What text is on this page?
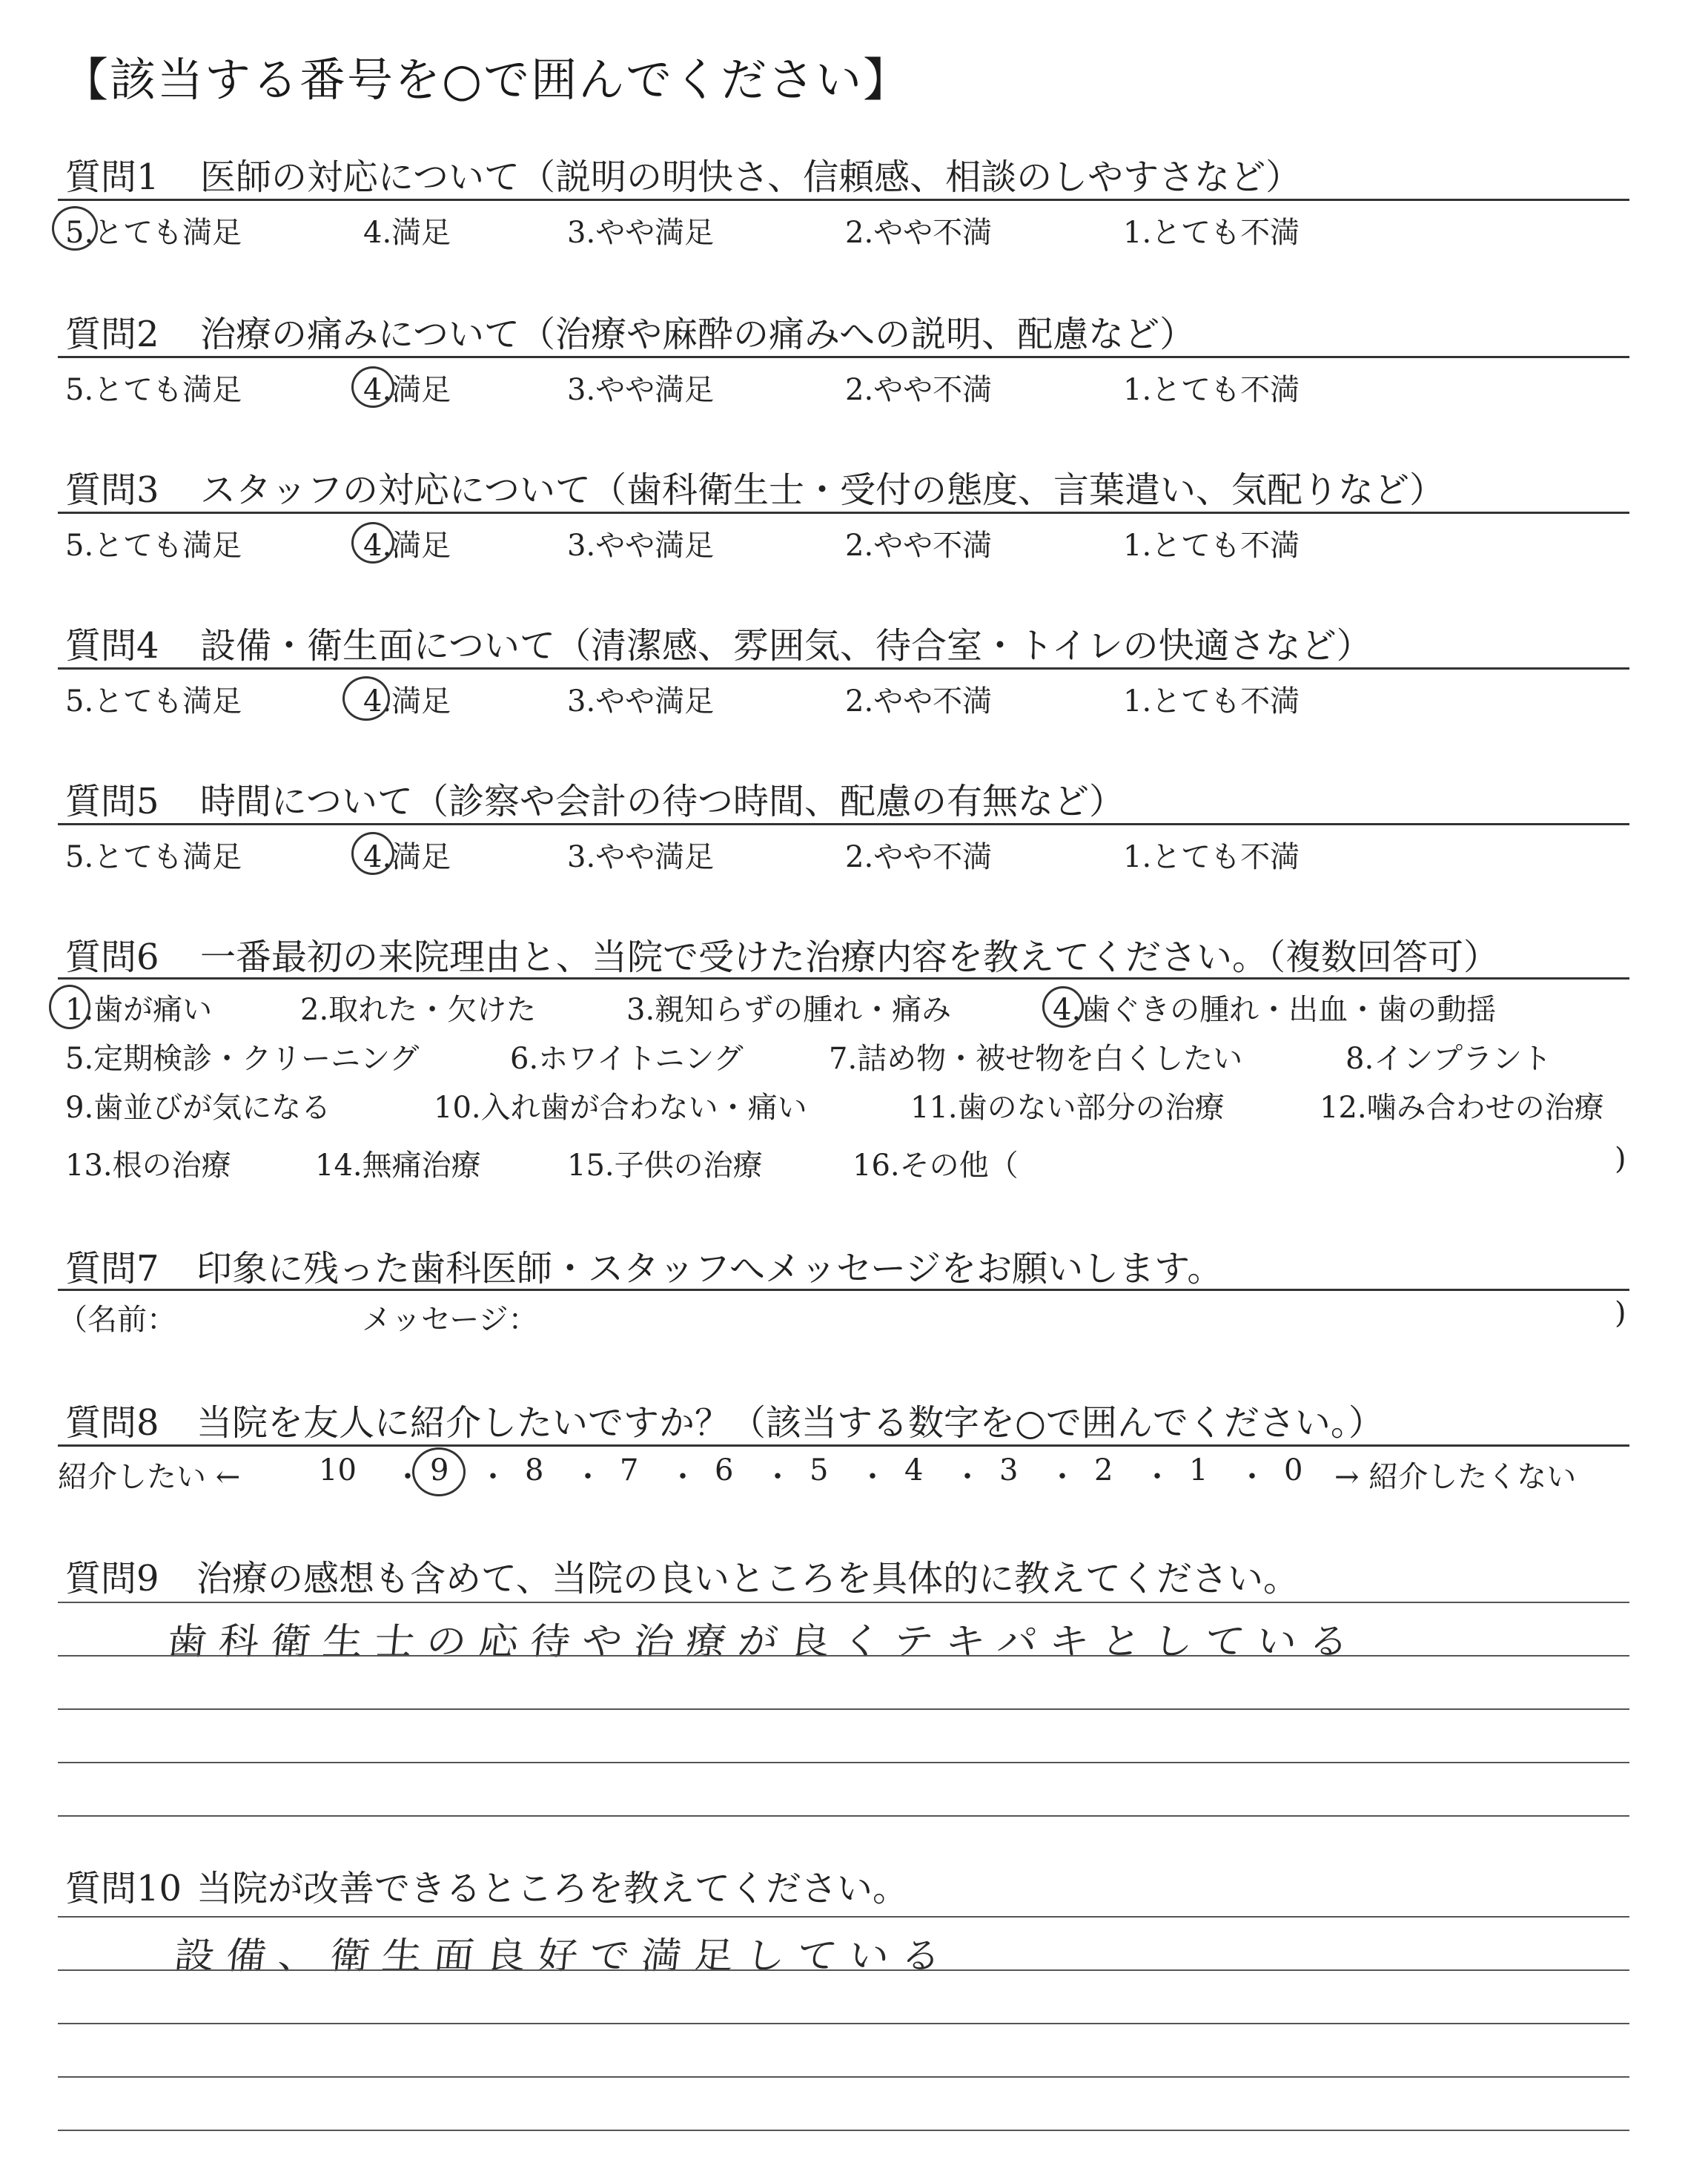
【該当する番号を○で囲んでください】
質問1 医師の対応について（説明の明快さ、信頼感、相談のしやすさなど）
5.とても満足	4.満足	3.やや満足	2.やや不満	1.とても不満
質問2 治療の痛みについて（治療や麻酔の痛みへの説明、配慮など）
5.とても満足	4.満足	3.やや満足	2.やや不満	1.とても不満
質問3 スタッフの対応について（歯科衛生士・受付の態度、言葉遣い、気配りなど）
5.とても満足	4.満足	3.やや満足	2.やや不満	1.とても不満
質問4 設備・衛生面について（清潔感、雰囲気、待合室・トイレの快適さなど）
5.とても満足	4.満足	3.やや満足	2.やや不満	1.とても不満
質問5 時間について（診察や会計の待つ時間、配慮の有無など）
5.とても満足	4.満足	3.やや満足	2.やや不満	1.とても不満
質問6 一番最初の来院理由と、当院で受けた治療内容を教えてください。（複数回答可）
1.歯が痛い	2.取れた・欠けた	3.親知らずの腫れ・痛み	4.歯ぐきの腫れ・出血・歯の動揺
5.定期検診・クリーニング	6.ホワイトニング	7.詰め物・被せ物を白くしたい	8.インプラント
9.歯並びが気になる	10.入れ歯が合わない・痛い	11.歯のない部分の治療	12.噛み合わせの治療
13.根の治療	14.無痛治療	15.子供の治療	16.その他（	)
質問7 印象に残った歯科医師・スタッフへメッセージをお願いします。
（名前：	メッセージ：	)
質問8 当院を友人に紹介したいですか？（該当する数字を○で囲んでください。）
紹介したい ←	→ 紹介したくない
10 9	8	7	6	5	4	3	2	1	0
・ ・ ・ ・ ・ ・ ・ ・ ・ ・
質問9 治療の感想も含めて、当院の良いところを具体的に教えてください。
歯科衛生士の応待や治療が良くテキパキとしている
質問10 当院が改善できるところを教えてください。
設備、衛生面良好で満足している
